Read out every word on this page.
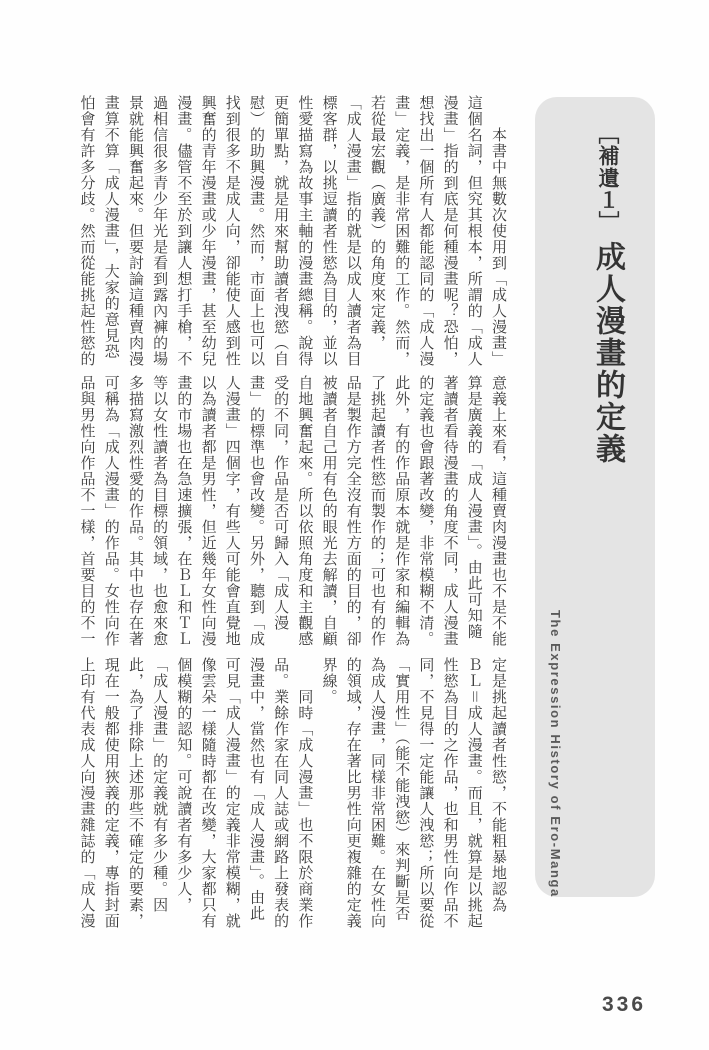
　　本書中無數次使用到「成人漫畫」

這個名詞，但究其根本，所謂的「成人

漫畫」指的到底是何種漫畫呢？恐怕，

想找出一個所有人都能認同的「成人漫

畫」定義，是非常困難的工作。然而，

若從最宏觀（廣義）的角度來定義，

「成人漫畫」指的就是以成人讀者為目

標客群，以挑逗讀者性慾為目的，並以

性愛描寫為故事主軸的漫畫總稱。說得

更簡單點，就是用來幫助讀者洩慾（自

慰）的助興漫畫。然而，市面上也可以

找到很多不是成人向，卻能使人感到性

興奮的青年漫畫或少年漫畫，甚至幼兒

漫畫。儘管不至於到讓人想打手槍，不

過相信很多青少年光是看到露內褲的場

景就能興奮起來。但要討論這種賣肉漫

畫算不算「成人漫畫」，大家的意見恐

怕會有許多分歧。然而從能挑起性慾的

意義上來看，這種賣肉漫畫也不是不能

算是廣義的「成人漫畫」。由此可知隨

著讀者看待漫畫的角度不同，成人漫畫

的定義也會跟著改變，非常模糊不清。

此外，有的作品原本就是作家和編輯為

了挑起讀者性慾而製作的；可也有的作

品是製作方完全沒有性方面的目的，卻

被讀者自己用有色的眼光去解讀，自顧

自地興奮起來。所以依照角度和主觀感

受的不同，作品是否可歸入「成人漫

畫」的標準也會改變。另外，聽到「成

人漫畫」四個字，有些人可能會直覺地

以為讀者都是男性，但近幾年女性向漫

畫的市場也在急速擴張，在ＢＬ和ＴＬ

等以女性讀者為目標的領域，也愈來愈

多描寫激烈性愛的作品。其中也存在著

可稱為「成人漫畫」的作品。女性向作

品與男性向作品不一樣，首要目的不一

定是挑起讀者性慾，不能粗暴地認為

ＢＬ＝成人漫畫。而且，就算是以挑起

性慾為目的之作品，也和男性向作品不

同，不見得一定能讓人洩慾；所以要從

「實用性」（能不能洩慾）來判斷是否

為成人漫畫，同樣非常困難。在女性向

的領域，存在著比男性向更複雜的定義

界線。

　　同時「成人漫畫」也不限於商業作

品。業餘作家在同人誌或網路上發表的

漫畫中，當然也有「成人漫畫」。由此

可見「成人漫畫」的定義非常模糊，就

像雲朵一樣隨時都在改變，大家都只有

個模糊的認知。可說讀者有多少人，

「成人漫畫」的定義就有多少種。因

此，為了排除上述那些不確定的要素，

現在一般都使用狹義的定義，專指封面

上印有代表成人向漫畫雜誌的「成人漫

［補遺１］成人漫畫的定義
The Expression History of Ero-Manga
336
